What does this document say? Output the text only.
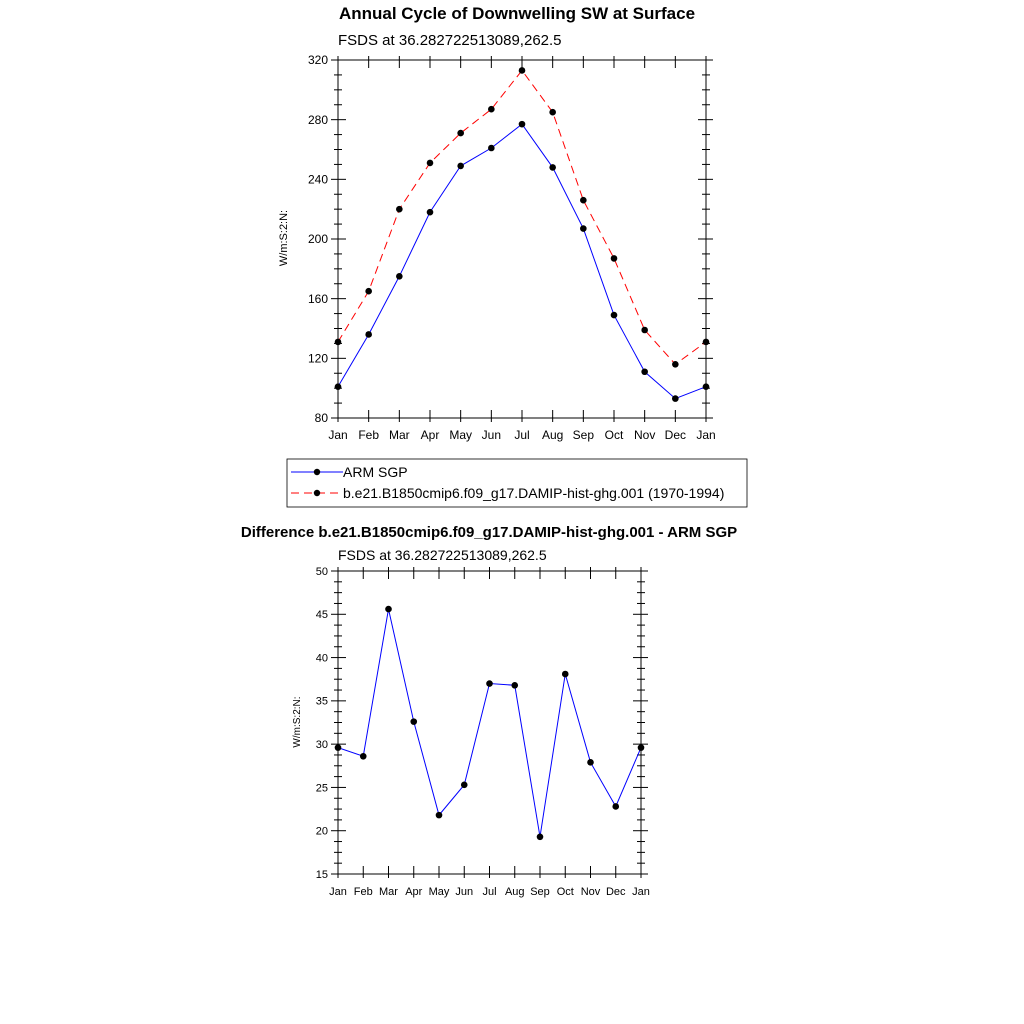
Annual Cycle of Downwelling SW at Surface
FSDS at 36.282722513089,262.5
W/m:S:2:N:
Jan Feb Mar Apr May Jun Jul Aug Sep Oct Nov Dec Jan
80
120
160
200
240
280
320
ARM SGP
b.e21.B1850cmip6.f09_g17.DAMIP-hist-ghg.001 (1970-1994)
Difference b.e21.B1850cmip6.f09_g17.DAMIP-hist-ghg.001 - ARM SGP
FSDS at 36.282722513089,262.5
W/m:S:2:N:
Jan Feb Mar Apr May Jun Jul Aug Sep Oct Nov Dec Jan
15
20
25
30
35
40
45
50
